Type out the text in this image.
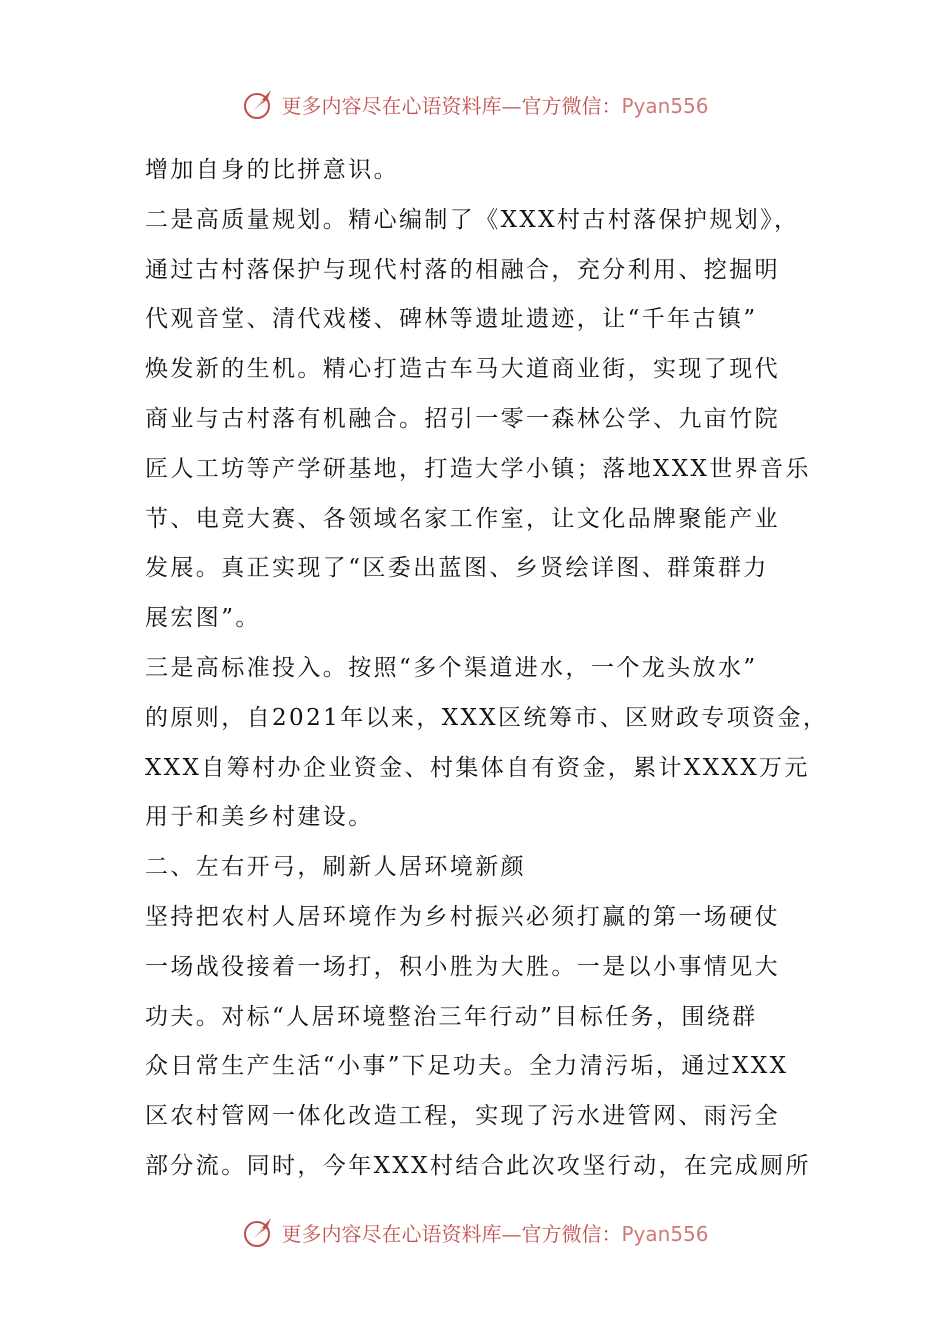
更多内容尽在心语资料库—官方微信：Pyan556
增加自身的比拼意识。
二是高质量规划。精心编制了《XXX村古村落保护规划》，
通过古村落保护与现代村落的相融合，充分利用、挖掘明
代观音堂、清代戏楼、碑林等遗址遗迹，让“千年古镇”
焕发新的生机。精心打造古车马大道商业街，实现了现代
商业与古村落有机融合。招引一零一森林公学、九亩竹院
匠人工坊等产学研基地，打造大学小镇；落地XXX世界音乐
节、电竞大赛、各领域名家工作室，让文化品牌聚能产业
发展。真正实现了“区委出蓝图、乡贤绘详图、群策群力
展宏图”。
三是高标准投入。按照“多个渠道进水，一个龙头放水”
的原则，自2021年以来，XXX区统筹市、区财政专项资金，
XXX自筹村办企业资金、村集体自有资金，累计XXXX万元
用于和美乡村建设。
二、左右开弓，刷新人居环境新颜
坚持把农村人居环境作为乡村振兴必须打赢的第一场硬仗
一场战役接着一场打，积小胜为大胜。一是以小事情见大
功夫。对标“人居环境整治三年行动”目标任务，围绕群
众日常生产生活“小事”下足功夫。全力清污垢，通过XXX
区农村管网一体化改造工程，实现了污水进管网、雨污全
部分流。同时，今年XXX村结合此次攻坚行动，在完成厕所
更多内容尽在心语资料库—官方微信：Pyan556
